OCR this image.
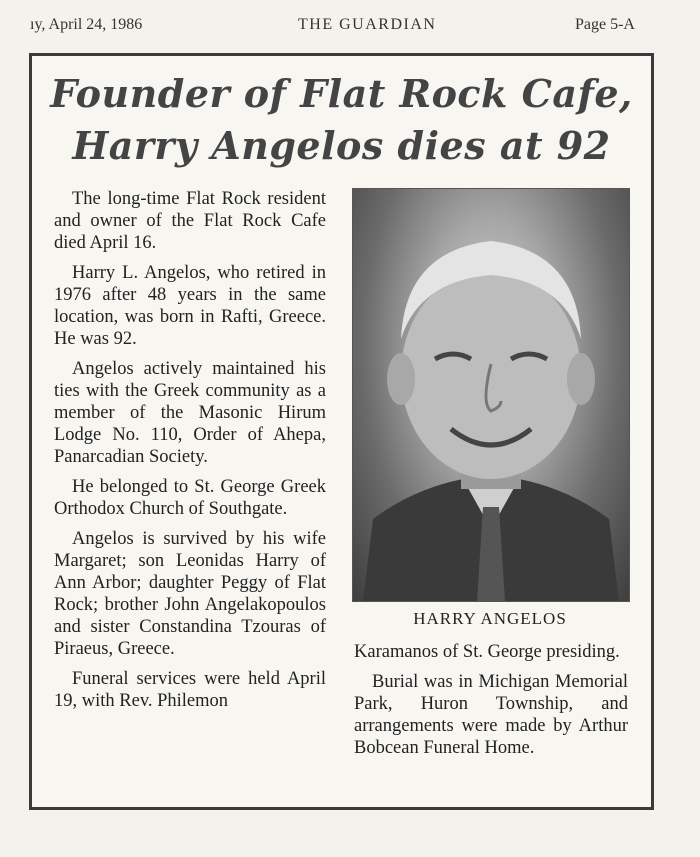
ıy, April 24, 1986	THE GUARDIAN	Page 5-A
Founder of Flat Rock Cafe,
Harry Angelos dies at 92

The long-time Flat Rock resident and owner of the Flat Rock Cafe died April 16.

Harry L. Angelos, who retired in 1976 after 48 years in the same location, was born in Rafti, Greece. He was 92.

Angelos actively maintained his ties with the Greek community as a member of the Masonic Hirum Lodge No. 110, Order of Ahepa, Panarcadian Society.

He belonged to St. George Greek Orthodox Church of Southgate.

Angelos is survived by his wife Margaret; son Leonidas Harry of Ann Arbor; daughter Peggy of Flat Rock; brother John Angelakopoulos and sister Constandina Tzouras of Piraeus, Greece.

Funeral services were held April 19, with Rev. Philemon

HARRY ANGELOS

Karamanos of St. George presiding.

Burial was in Michigan Memorial Park, Huron Township, and arrangements were made by Arthur Bobcean Funeral Home.
